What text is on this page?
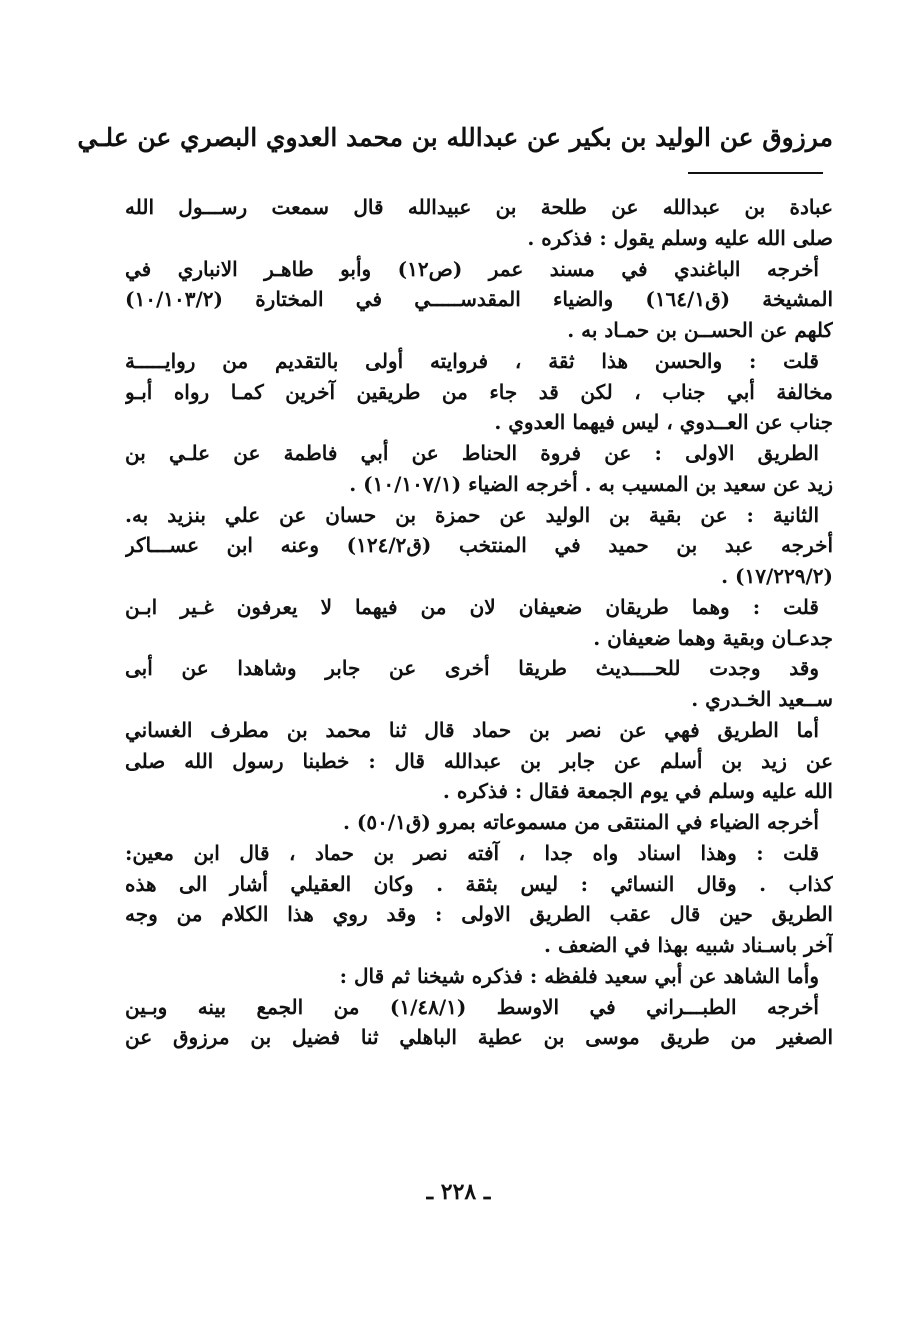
مرزوق عن الوليد بن بكير عن عبدالله بن محمد العدوي البصري عن علـي
عبادة بن عبدالله عن طلحة بن عبيدالله قال سمعت رســـول الله
صلى الله عليه وسلم يقول : فذكره .
أخرجه الباغندي في مسند عمر (ص١٢) وأبو طاهـر الانباري في
المشيخة (ق١٦٤/١) والضياء المقدســـــي في المختارة (١٠/١٠٣/٢)
كلهم عن الحســن بن حمـاد به .
قلت : والحسن هذا ثقة ، فروايته أولى بالتقديم من روايـــــة
مخالفة أبي جناب ، لكن قد جاء من طريقين آخرين كمـا رواه أبـو
جناب عن العــدوي ، ليس فيهما العدوي .
الطريق الاولى : عن فروة الحناط عن أبي فاطمة عن علـي بن
زيد عن سعيد بن المسيب به . أخرجه الضياء (١٠/١٠٧/١) .
الثانية : عن بقية بن الوليد عن حمزة بن حسان عن علي بنزيد به.
أخرجه عبد بن حميد في المنتخب (ق١٢٤/٢) وعنه ابن عســـاكر
(١٧/٢٢٩/٢) .
قلت : وهما طريقان ضعيفان لان من فيهما لا يعرفون غـير ابـن
جدعـان وبقية وهما ضعيفان .
وقد وجدت للحــــديث طريقا أخرى عن جابر وشاهدا عن أبى
ســعيد الخـدري .
أما الطريق فهي عن نصر بن حماد قال ثنا محمد بن مطرف الغساني
عن زيد بن أسلم عن جابر بن عبدالله قال : خطبنا رسول الله صلى
الله عليه وسلم في يوم الجمعة فقال : فذكره .
أخرجه الضياء في المنتقى من مسموعاته بمرو (ق٥٠/١) .
قلت : وهذا اسناد واه جدا ، آفته نصر بن حماد ، قال ابن معين:
كذاب . وقال النسائي : ليس بثقة . وكان العقيلي أشار الى هذه
الطريق حين قال عقب الطريق الاولى : وقد روي هذا الكلام من وجه
آخر باسـناد شبيه بهذا في الضعف .
وأما الشاهد عن أبي سعيد فلفظه : فذكره شيخنا ثم قال :
أخرجه الطبـــراني في الاوسط (١/٤٨/١) من الجمع بينه وبـين
الصغير من طريق موسى بن عطية الباهلي ثنا فضيل بن مرزوق عن
ـ ٢٢٨ ـ
